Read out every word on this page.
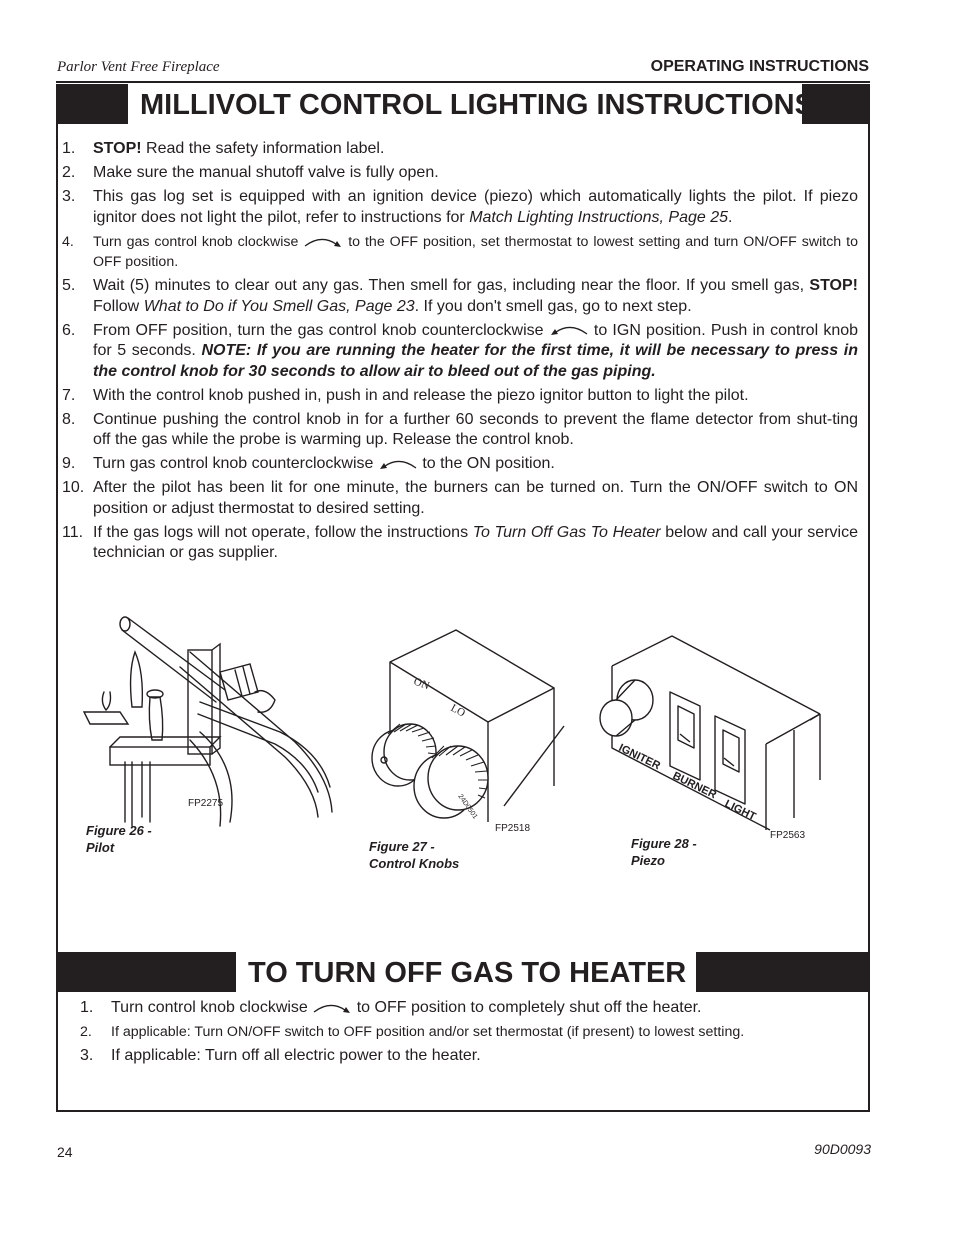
Parlor Vent Free Fireplace	OPERATING INSTRUCTIONS
MILLIVOLT CONTROL LIGHTING INSTRUCTIONS
1.	STOP! Read the safety information label.
2.	Make sure the manual shutoff valve is fully open.
3.	This gas log set is equipped with an ignition device (piezo) which automatically lights the pilot. If piezo ignitor does not light the pilot, refer to instructions for Match Lighting Instructions, Page 25.
4.	Turn gas control knob clockwise	to the OFF position, set thermostat to lowest setting and turn ON/OFF switch to OFF position.
5.	Wait (5) minutes to clear out any gas. Then smell for gas, including near the floor. If you smell gas, STOP! Follow What to Do if You Smell Gas, Page 23. If you don't smell gas, go to next step.
6.	From OFF position, turn the gas control knob counterclockwise	to IGN position. Push in control knob for 5 seconds. NOTE: If you are running the heater for the first time, it will be necessary to press in the control knob for 30 seconds to allow air to bleed out of the gas piping.
7.	With the control knob pushed in, push in and release the piezo ignitor button to light the pilot.
8.	Continue pushing the control knob in for a further 60 seconds to prevent the flame detector from shut-ting off the gas while the probe is warming up. Release the control knob.
9.	Turn gas control knob counterclockwise	to the ON position.
10. After the pilot has been lit for one minute, the burners can be turned on. Turn the ON/OFF switch to ON position or adjust thermostat to desired setting.
11. If the gas logs will not operate, follow the instructions To Turn Off Gas To Heater below and call your service technician or gas supplier.
FP2275
Figure 26 -
Pilot
ON
LO
24D0501
FP2518
Figure 27 -
Control Knobs
IGNITER
BURNER
LIGHT
FP2563
Figure 28 -
Piezo
TO TURN OFF GAS TO HEATER
1.	Turn control knob clockwise	to OFF position to completely shut off the heater.
2.	If applicable: Turn ON/OFF switch to OFF position and/or set thermostat (if present) to lowest setting.
3.	If applicable: Turn off all electric power to the heater.
24	90D0093
